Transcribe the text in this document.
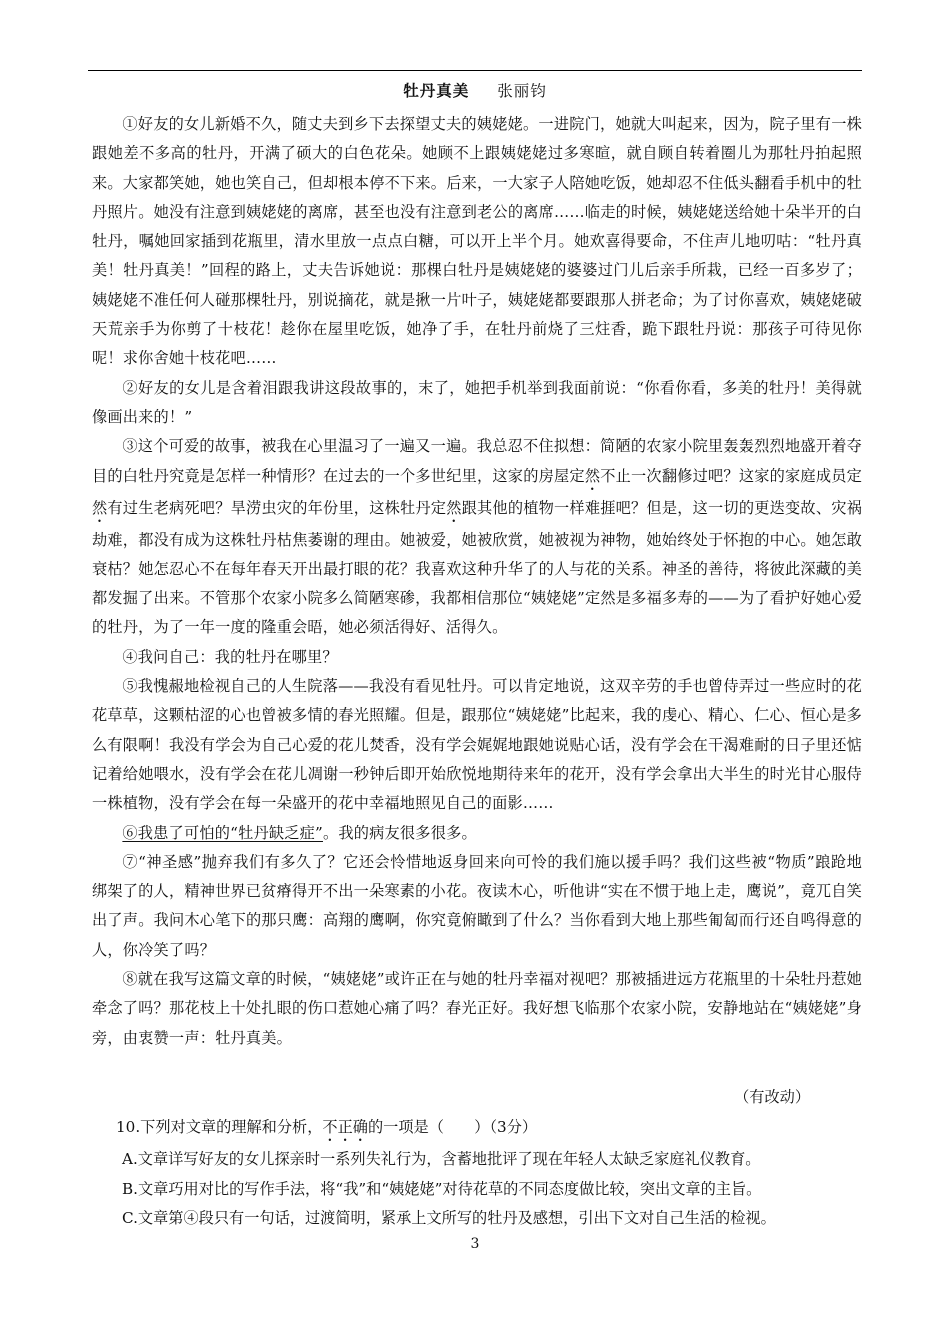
牡丹真美 张丽钧

①好友的女儿新婚不久，随丈夫到乡下去探望丈夫的姨姥姥。一进院门，她就大叫起来，因为，院子里有一株跟她差不多高的牡丹，开满了硕大的白色花朵。她顾不上跟姨姥姥过多寒暄，就自顾自转着圈儿为那牡丹拍起照来。大家都笑她，她也笑自己，但却根本停不下来。后来，一大家子人陪她吃饭，她却忍不住低头翻看手机中的牡丹照片。她没有注意到姨姥姥的离席，甚至也没有注意到老公的离席……临走的时候，姨姥姥送给她十朵半开的白牡丹，嘱她回家插到花瓶里，清水里放一点点白糖，可以开上半个月。她欢喜得要命，不住声儿地叨咕：“牡丹真美！牡丹真美！”回程的路上，丈夫告诉她说：那棵白牡丹是姨姥姥的婆婆过门儿后亲手所栽，已经一百多岁了；姨姥姥不准任何人碰那棵牡丹，别说摘花，就是揪一片叶子，姨姥姥都要跟那人拼老命；为了讨你喜欢，姨姥姥破天荒亲手为你剪了十枝花！趁你在屋里吃饭，她净了手，在牡丹前烧了三炷香，跪下跟牡丹说：那孩子可待见你呢！求你舍她十枝花吧……

②好友的女儿是含着泪跟我讲这段故事的，末了，她把手机举到我面前说：“你看你看，多美的牡丹！美得就像画出来的！”

③这个可爱的故事，被我在心里温习了一遍又一遍。我总忍不住拟想：简陋的农家小院里轰轰烈烈地盛开着夺目的白牡丹究竟是怎样一种情形？在过去的一个多世纪里，这家的房屋定然不止一次翻修过吧？这家的家庭成员定然有过生老病死吧？旱涝虫灾的年份里，这株牡丹定然跟其他的植物一样难捱吧？但是，这一切的更迭变故、灾祸劫难，都没有成为这株牡丹枯焦萎谢的理由。她被爱，她被欣赏，她被视为神物，她始终处于怀抱的中心。她怎敢衰枯？她怎忍心不在每年春天开出最打眼的花？我喜欢这种升华了的人与花的关系。神圣的善待，将彼此深藏的美都发掘了出来。不管那个农家小院多么简陋寒碜，我都相信那位“姨姥姥”定然是多福多寿的——为了看护好她心爱的牡丹，为了一年一度的隆重会晤，她必须活得好、活得久。

④我问自己：我的牡丹在哪里？

⑤我愧赧地检视自己的人生院落——我没有看见牡丹。可以肯定地说，这双辛劳的手也曾侍弄过一些应时的花花草草，这颗枯涩的心也曾被多情的春光照耀。但是，跟那位“姨姥姥”比起来，我的虔心、精心、仁心、恒心是多么有限啊！我没有学会为自己心爱的花儿焚香，没有学会娓娓地跟她说贴心话，没有学会在干渴难耐的日子里还惦记着给她喂水，没有学会在花儿凋谢一秒钟后即开始欣悦地期待来年的花开，没有学会拿出大半生的时光甘心服侍一株植物，没有学会在每一朵盛开的花中幸福地照见自己的面影……

⑥我患了可怕的“牡丹缺乏症”。我的病友很多很多。

⑦“神圣感”抛弃我们有多久了？它还会怜惜地返身回来向可怜的我们施以援手吗？我们这些被“物质”踉跄地绑架了的人，精神世界已贫瘠得开不出一朵寒素的小花。夜读木心，听他讲“实在不惯于地上走，鹰说”，竟兀自笑出了声。我问木心笔下的那只鹰：高翔的鹰啊，你究竟俯瞰到了什么？当你看到大地上那些匍匐而行还自鸣得意的人，你冷笑了吗？

⑧就在我写这篇文章的时候，“姨姥姥”或许正在与她的牡丹幸福对视吧？那被插进远方花瓶里的十朵牡丹惹她牵念了吗？那花枝上十处扎眼的伤口惹她心痛了吗？春光正好。我好想飞临那个农家小院，安静地站在“姨姥姥”身旁，由衷赞一声：牡丹真美。

（有改动）

10.下列对文章的理解和分析，不正确的一项是（　　）（3分）

A.文章详写好友的女儿探亲时一系列失礼行为，含蓄地批评了现在年轻人太缺乏家庭礼仪教育。

B.文章巧用对比的写作手法，将“我”和“姨姥姥”对待花草的不同态度做比较，突出文章的主旨。

C.文章第④段只有一句话，过渡简明，紧承上文所写的牡丹及感想，引出下文对自己生活的检视。

3
